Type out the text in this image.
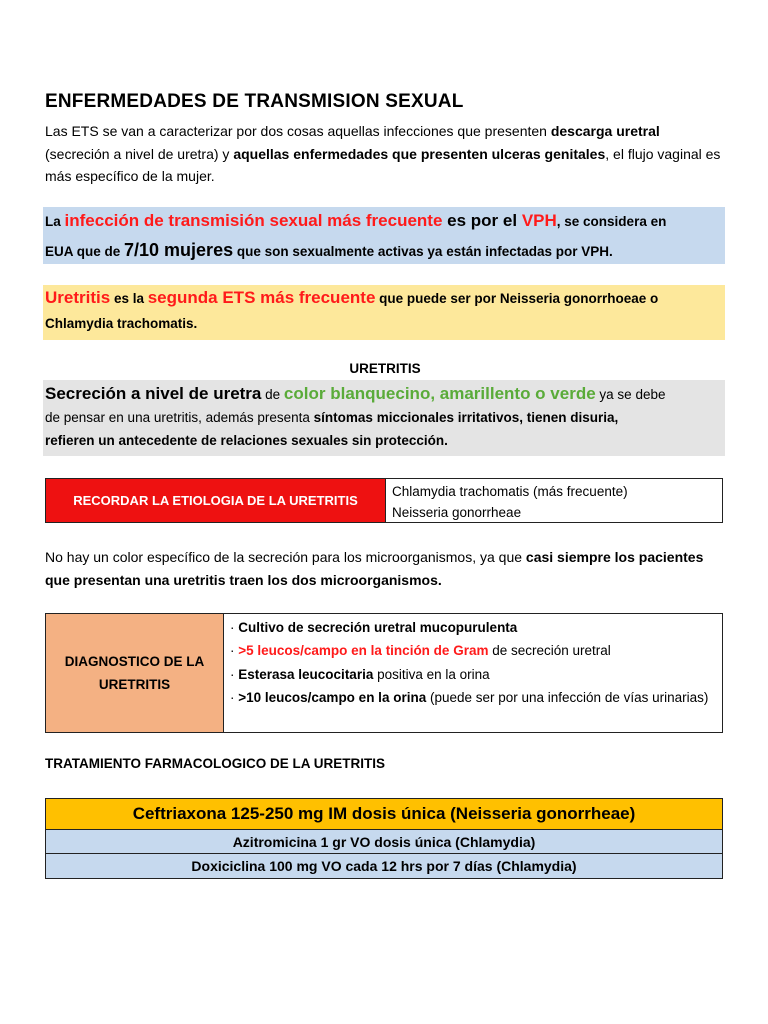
ENFERMEDADES DE TRANSMISION SEXUAL
Las ETS se van a caracterizar por dos cosas aquellas infecciones que presenten descarga uretral (secreción a nivel de uretra) y aquellas enfermedades que presenten ulceras genitales, el flujo vaginal es más específico de la mujer.

La infección de transmisión sexual más frecuente es por el VPH, se considera en

EUA que de 7/10 mujeres que son sexualmente activas ya están infectadas por VPH.

Uretritis es la segunda ETS más frecuente que puede ser por Neisseria gonorrhoeae o
Chlamydia trachomatis.
URETRITIS
Secreción a nivel de uretra de color blanquecino, amarillento o verde ya se debe
de pensar en una uretritis, además presenta síntomas miccionales irritativos, tienen disuria,
refieren un antecedente de relaciones sexuales sin protección.
RECORDAR LA ETIOLOGIA DE LA URETRITIS
Chlamydia trachomatis (más frecuente)
Neisseria gonorrheae
No hay un color específico de la secreción para los microorganismos, ya que casi siempre los pacientes que presentan una uretritis traen los dos microorganismos.
DIAGNOSTICO DE LA URETRITIS
· Cultivo de secreción uretral mucopurulenta
· >5 leucos/campo en la tinción de Gram de secreción uretral
· Esterasa leucocitaria positiva en la orina
· >10 leucos/campo en la orina (puede ser por una infección de vías urinarias)
TRATAMIENTO FARMACOLOGICO DE LA URETRITIS
Ceftriaxona 125-250 mg IM dosis única (Neisseria gonorrheae)
Azitromicina 1 gr VO dosis única (Chlamydia)
Doxiciclina 100 mg VO cada 12 hrs por 7 días (Chlamydia)
